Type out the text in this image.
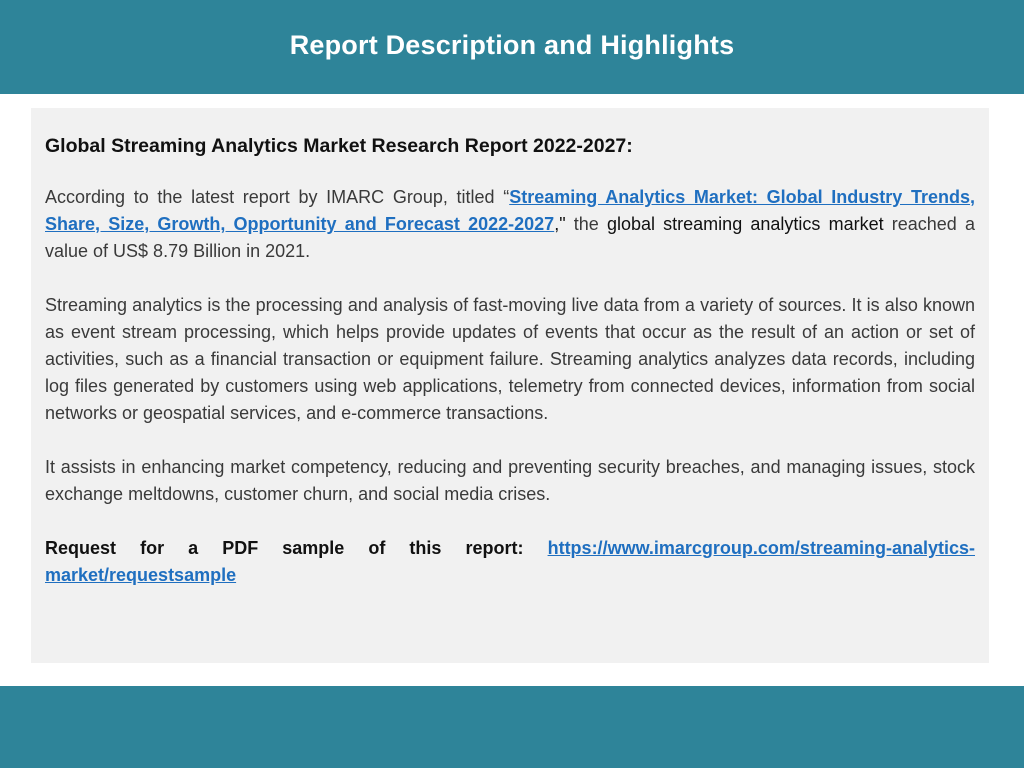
Report Description and Highlights
Global Streaming Analytics Market Research Report 2022-2027:

According to the latest report by IMARC Group, titled “Streaming Analytics Market: Global Industry Trends, Share, Size, Growth, Opportunity and Forecast 2022-2027," the global streaming analytics market reached a value of US$ 8.79 Billion in 2021.

Streaming analytics is the processing and analysis of fast-moving live data from a variety of sources. It is also known as event stream processing, which helps provide updates of events that occur as the result of an action or set of activities, such as a financial transaction or equipment failure. Streaming analytics analyzes data records, including log files generated by customers using web applications, telemetry from connected devices, information from social networks or geospatial services, and e-commerce transactions.

It assists in enhancing market competency, reducing and preventing security breaches, and managing issues, stock exchange meltdowns, customer churn, and social media crises.

Request for a PDF sample of this report: https://www.imarcgroup.com/streaming-analytics-market/requestsample
